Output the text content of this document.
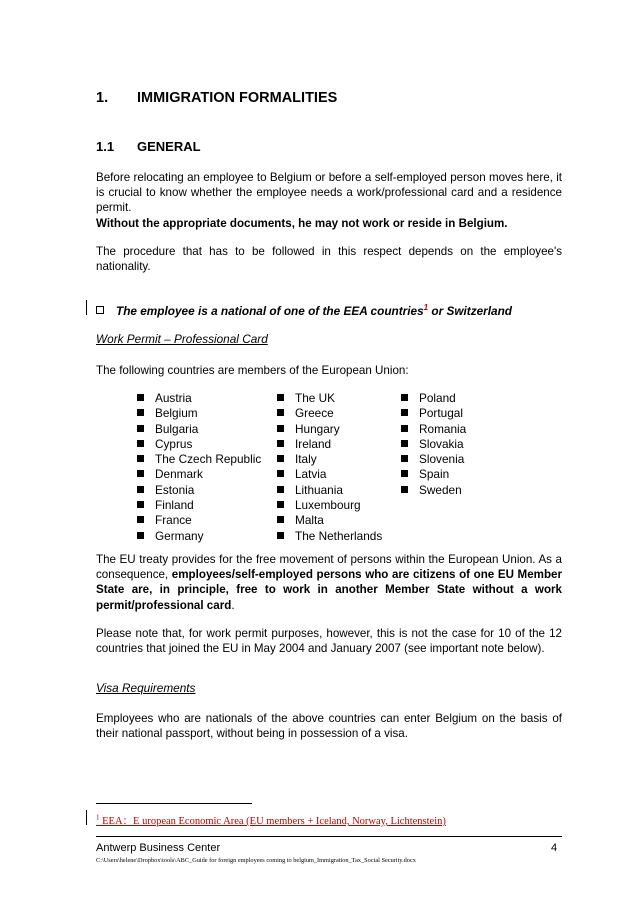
1. IMMIGRATION FORMALITIES
1.1 GENERAL
Before relocating an employee to Belgium or before a self-employed person moves here, it is crucial to know whether the employee needs a work/professional card and a residence permit.
Without the appropriate documents, he may not work or reside in Belgium.
The procedure that has to be followed in this respect depends on the employee's nationality.
The employee is a national of one of the EEA countries$^1$ or Switzerland
Work Permit – Professional Card
The following countries are members of the European Union:
Austria
Belgium
Bulgaria
Cyprus
The Czech Republic
Denmark
Estonia
Finland
France
Germany
The UK
Greece
Hungary
Ireland
Italy
Latvia
Lithuania
Luxembourg
Malta
The Netherlands
Poland
Portugal
Romania
Slovakia
Slovenia
Spain
Sweden
The EU treaty provides for the free movement of persons within the European Union. As a consequence, employees/self-employed persons who are citizens of one EU Member State are, in principle, free to work in another Member State without a work permit/professional card.
Please note that, for work permit purposes, however, this is not the case for 10 of the 12 countries that joined the EU in May 2004 and January 2007 (see important note below).
Visa Requirements
Employees who are nationals of the above countries can enter Belgium on the basis of their national passport, without being in possession of a visa.
$^1$ EEA：E uropean Economic Area (EU members + Iceland, Norway, Lichtenstein)
Antwerp Business Center	4
C:\Users\helene\Dropbox\tools\ABC_Guide for foreign employees coming to belgium_Immigration_Tax_Social Security.docx
